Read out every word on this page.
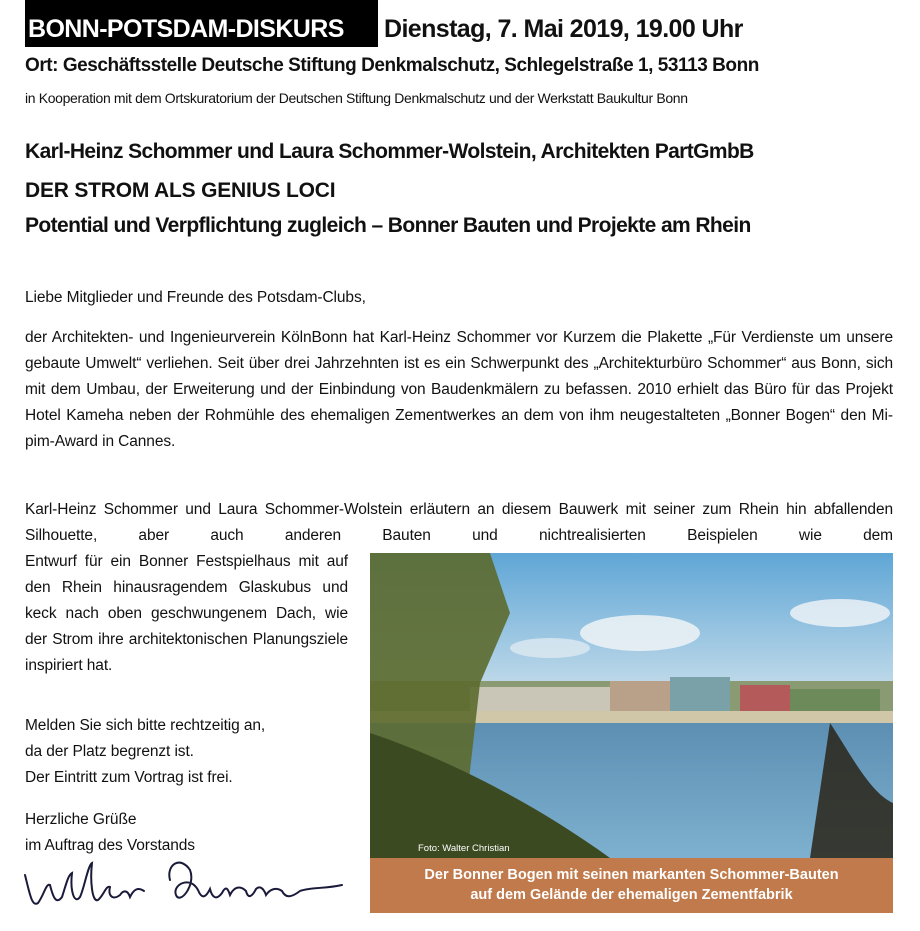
BONN-POTSDAM-DISKURS Dienstag, 7. Mai 2019, 19.00 Uhr
Ort: Geschäftsstelle Deutsche Stiftung Denkmalschutz, Schlegelstraße 1, 53113 Bonn
in Kooperation mit dem Ortskuratorium der Deutschen Stiftung Denkmalschutz und der Werkstatt Baukultur Bonn
Karl-Heinz Schommer und Laura Schommer-Wolstein, Architekten PartGmbB
DER STROM ALS GENIUS LOCI
Potential und Verpflichtung zugleich – Bonner Bauten und Projekte am Rhein
Liebe Mitglieder und Freunde des Potsdam-Clubs,
der Architekten- und Ingenieurverein KölnBonn hat Karl-Heinz Schommer vor Kurzem die Plakette „Für Verdienste um unsere gebaute Umwelt“ verliehen. Seit über drei Jahrzehnten ist es ein Schwerpunkt des „Architekturbüro Schommer“ aus Bonn, sich mit dem Umbau, der Erweiterung und der Einbindung von Baudenkmälern zu befassen. 2010 erhielt das Büro für das Projekt Hotel Kameha neben der Rohmühle des ehemaligen Zementwerkes an dem von ihm neugestalteten „Bonner Bogen“ den Mipim-Award in Cannes.
Karl-Heinz Schommer und Laura Schommer-Wolstein erläutern an diesem Bauwerk mit seiner zum Rhein hin abfallenden Silhouette, aber auch anderen Bauten und nichtrealisierten Beispielen wie dem
Entwurf für ein Bonner Festspielhaus mit auf den Rhein hinausragendem Glaskubus und keck nach oben geschwungenem Dach, wie der Strom ihre architektonischen Planungsziele inspiriert hat.
Melden Sie sich bitte rechtzeitig an,
da der Platz begrenzt ist.
Der Eintritt zum Vortrag ist frei.
Herzliche Grüße
im Auftrag des Vorstands	Foto: Walter Christian
Der Bonner Bogen mit seinen markanten Schommer-Bauten
auf dem Gelände der ehemaligen Zementfabrik
